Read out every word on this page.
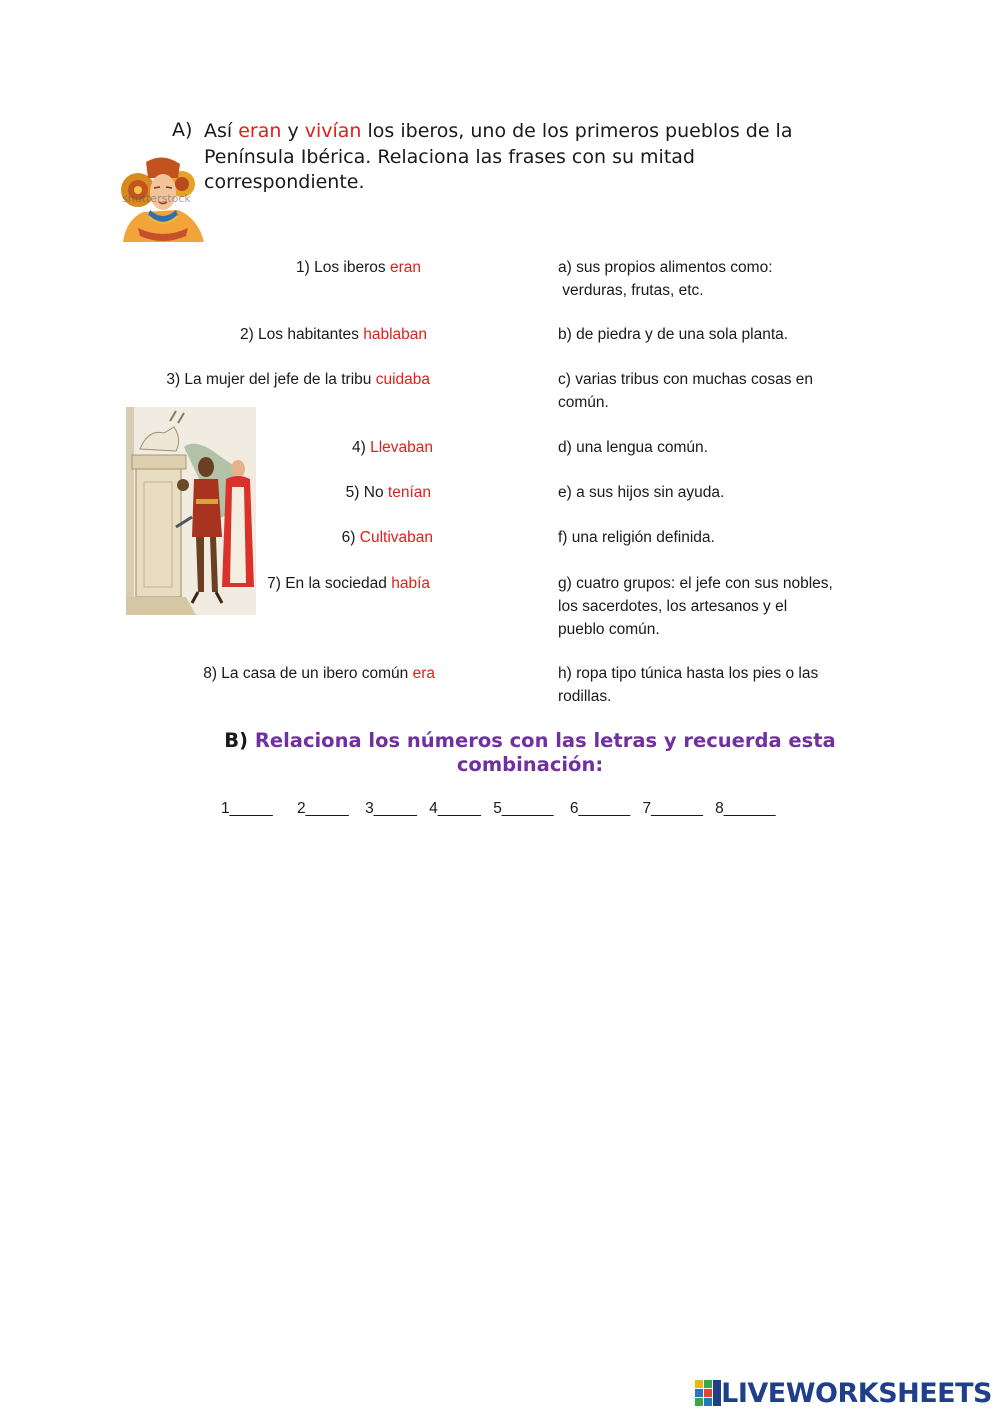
A) Así eran y vivían los iberos, uno de los primeros pueblos de la Península Ibérica. Relaciona las frases con su mitad correspondiente.
shutterstock
1) Los iberos eran
2) Los habitantes hablaban
3) La mujer del jefe de la tribu cuidaba
4) Llevaban
5) No tenían
6) Cultivaban
7) En la sociedad había
8) La casa de un ibero común era
a) sus propios alimentos como:
verduras, frutas, etc.
b) de piedra y de una sola planta.
c) varias tribus con muchas cosas en
común.
d) una lengua común.
e) a sus hijos sin ayuda.
f) una religión definida.
g) cuatro grupos: el jefe con sus nobles,
los sacerdotes, los artesanos y el
pueblo común.
h) ropa tipo túnica hasta los pies o las
rodillas.
B) Relaciona los números con las letras y recuerda esta
combinación:
1_____ 2_____ 3_____ 4_____ 5______ 6______ 7______ 8______
LIVEWORKSHEETS
